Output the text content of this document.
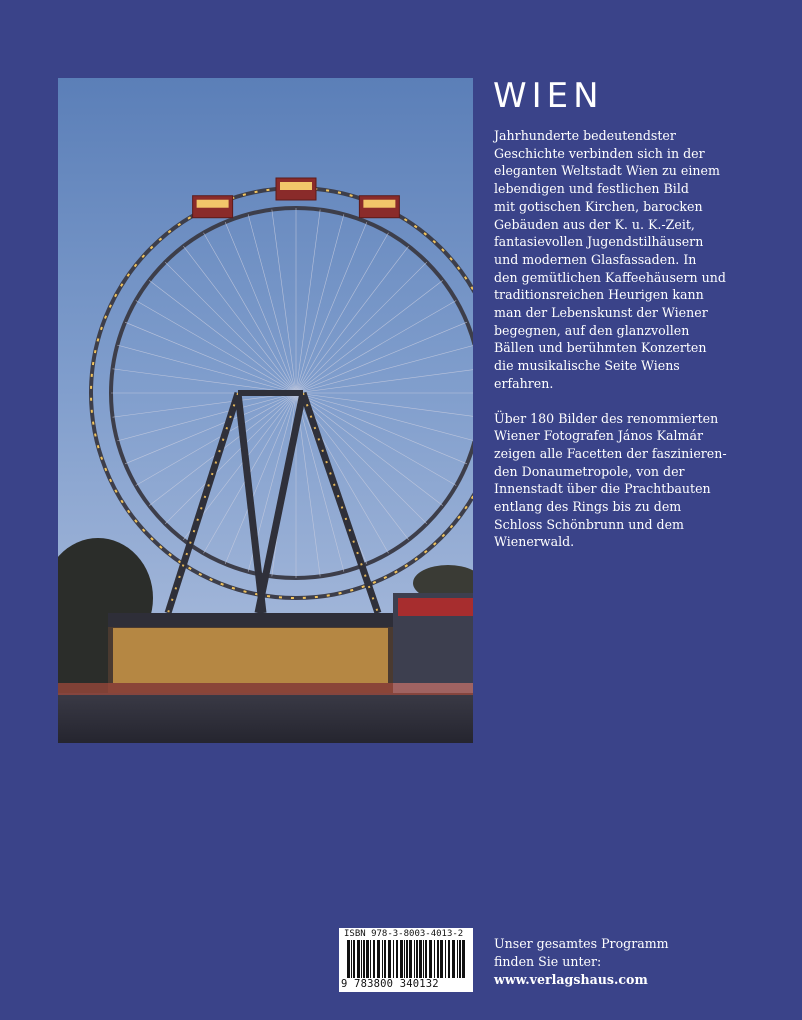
WIEN

Jahrhunderte bedeutendster
Geschichte verbinden sich in der
eleganten Weltstadt Wien zu einem
lebendigen und festlichen Bild
mit gotischen Kirchen, barocken
Gebäuden aus der K. u. K.-Zeit,
fantasievollen Jugendstilhäusern
und modernen Glasfassaden. In
den gemütlichen Kaffeehäusern und
traditionsreichen Heurigen kann
man der Lebenskunst der Wiener
begegnen, auf den glanzvollen
Bällen und berühmten Konzerten
die musikalische Seite Wiens
erfahren.

Über 180 Bilder des renommierten
Wiener Fotografen János Kalmár
zeigen alle Facetten der faszinieren-
den Donaumetropole, von der
Innenstadt über die Prachtbauten
entlang des Rings bis zu dem
Schloss Schönbrunn und dem
Wienerwald.

ISBN 978-3-8003-4013-2
9 783800 340132
Unser gesamtes Programm
finden Sie unter:
www.verlagshaus.com
